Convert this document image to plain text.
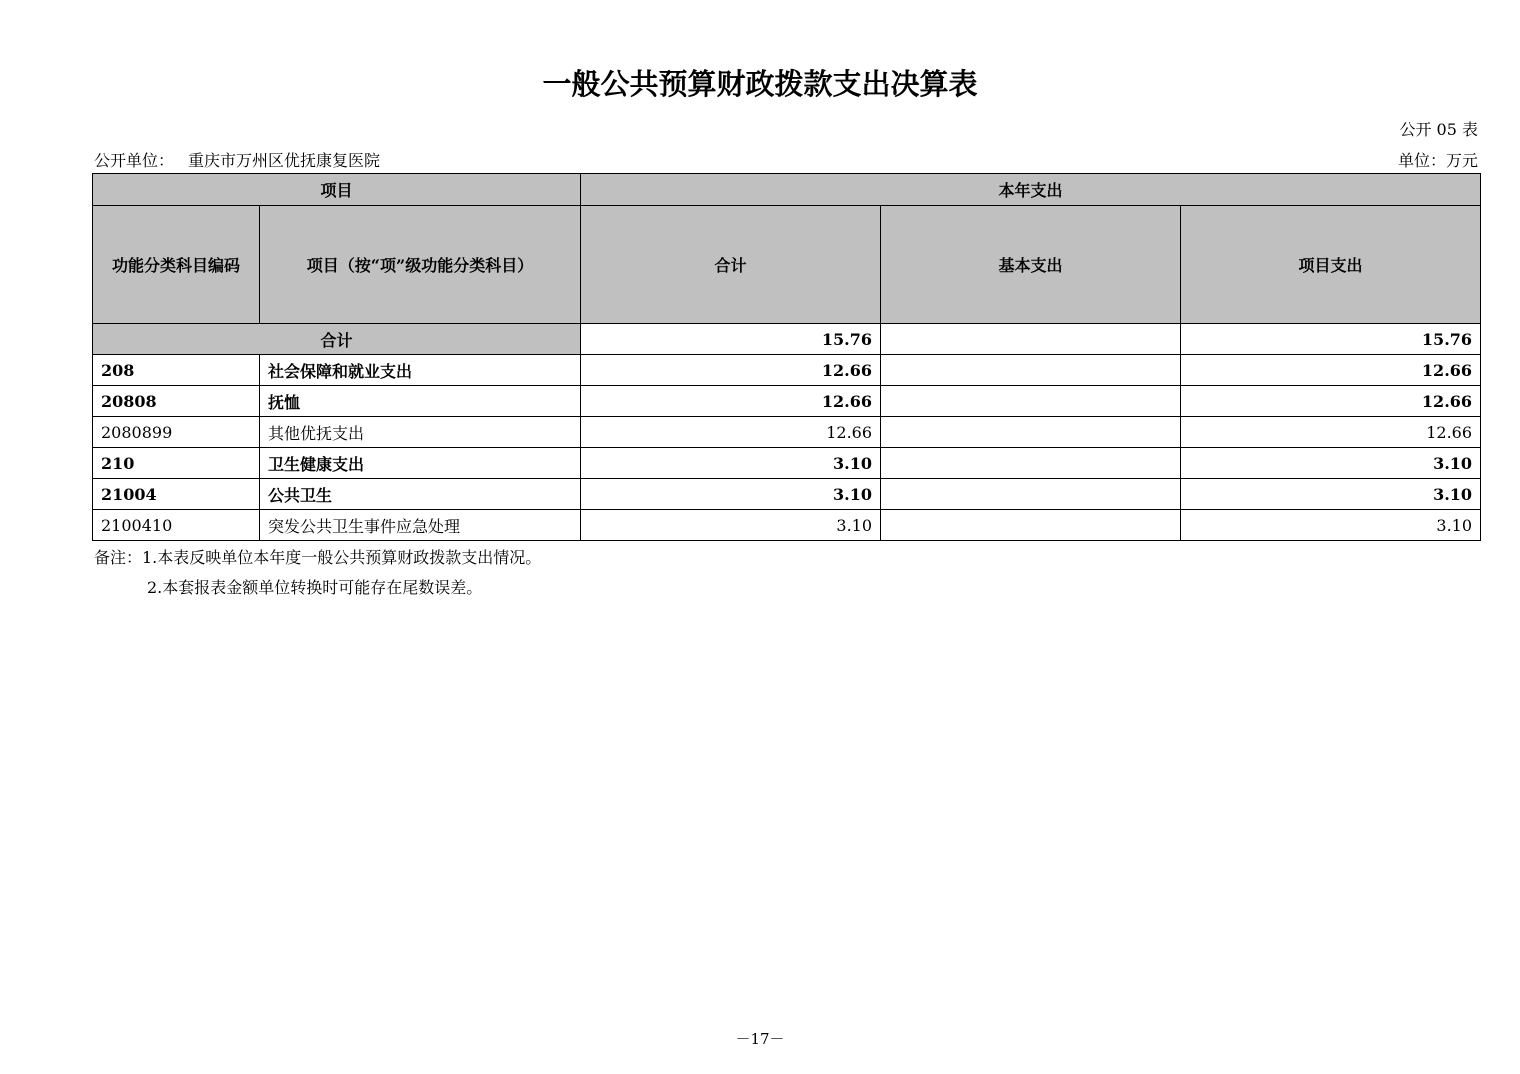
一般公共预算财政拨款支出决算表
公开 05 表
公开单位： 重庆市万州区优抚康复医院	单位：万元
项目		本年支出		
功能分类科目编码	项目（按“项”级功能分类科目）	合计	基本支出	项目支出
合计		15.76		15.76
208	社会保障和就业支出	12.66		12.66
20808	抚恤	12.66		12.66
2080899	其他优抚支出	12.66		12.66
210	卫生健康支出	3.10		3.10
21004	公共卫生	3.10		3.10
2100410	突发公共卫生事件应急处理	3.10		3.10
备注：1.本表反映单位本年度一般公共预算财政拨款支出情况。
2.本套报表金额单位转换时可能存在尾数误差。
－17－
